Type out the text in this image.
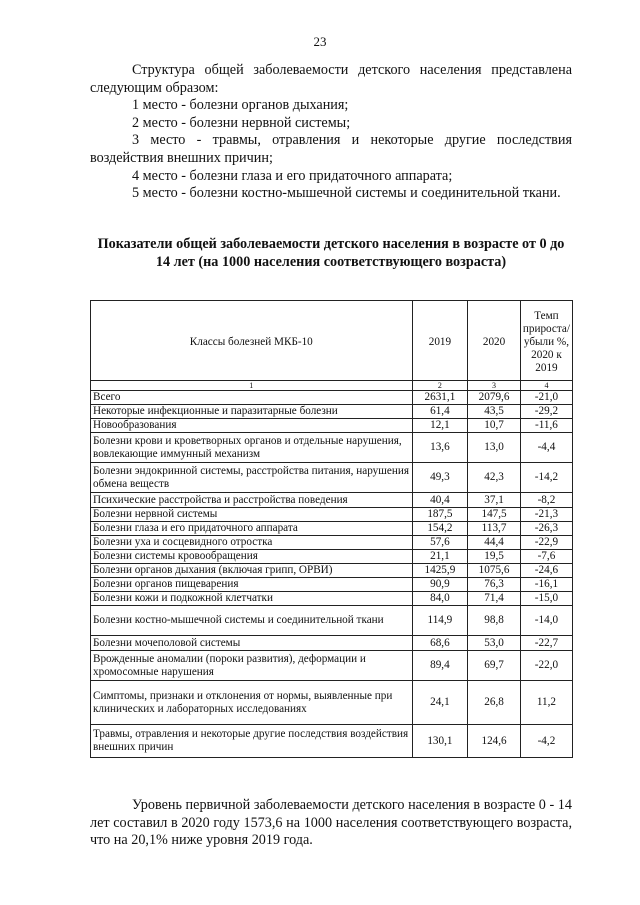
23

Структура общей заболеваемости детского населения представлена следующим образом:

1 место - болезни органов дыхания;

2 место - болезни нервной системы;

3 место - травмы, отравления и некоторые другие последствия воздействия внешних причин;

4 место - болезни глаза и его придаточного аппарата;

5 место - болезни костно-мышечной системы и соединительной ткани.

Показатели общей заболеваемости детского населения в возрасте от 0 до 14 лет (на 1000 населения соответствующего возраста)
Классы болезней МКБ-10	2019	2020	Темп прироста/ убыли %, 2020 к 2019
1	2	3	4
Всего	2631,1	2079,6	-21,0
Некоторые инфекционные и паразитарные болезни	61,4	43,5	-29,2
Новообразования	12,1	10,7	-11,6
Болезни крови и кроветворных органов и отдельные нарушения, вовлекающие иммунный механизм	13,6	13,0	-4,4
Болезни эндокринной системы, расстройства питания, нарушения обмена веществ	49,3	42,3	-14,2
Психические расстройства и расстройства поведения	40,4	37,1	-8,2
Болезни нервной системы	187,5	147,5	-21,3
Болезни глаза и его придаточного аппарата	154,2	113,7	-26,3
Болезни уха и сосцевидного отростка	57,6	44,4	-22,9
Болезни системы кровообращения	21,1	19,5	-7,6
Болезни органов дыхания (включая грипп, ОРВИ)	1425,9	1075,6	-24,6
Болезни органов пищеварения	90,9	76,3	-16,1
Болезни кожи и подкожной клетчатки	84,0	71,4	-15,0
Болезни костно-мышечной системы и соединительной ткани	114,9	98,8	-14,0
Болезни мочеполовой системы	68,6	53,0	-22,7
Врожденные аномалии (пороки развития), деформации и хромосомные нарушения	89,4	69,7	-22,0
Симптомы, признаки и отклонения от нормы, выявленные при клинических и лабораторных исследованиях	24,1	26,8	11,2
Травмы, отравления и некоторые другие последствия воздействия внешних причин	130,1	124,6	-4,2

Уровень первичной заболеваемости детского населения в возрасте 0 - 14 лет составил в 2020 году 1573,6 на 1000 населения соответствующего возраста, что на 20,1% ниже уровня 2019 года.
